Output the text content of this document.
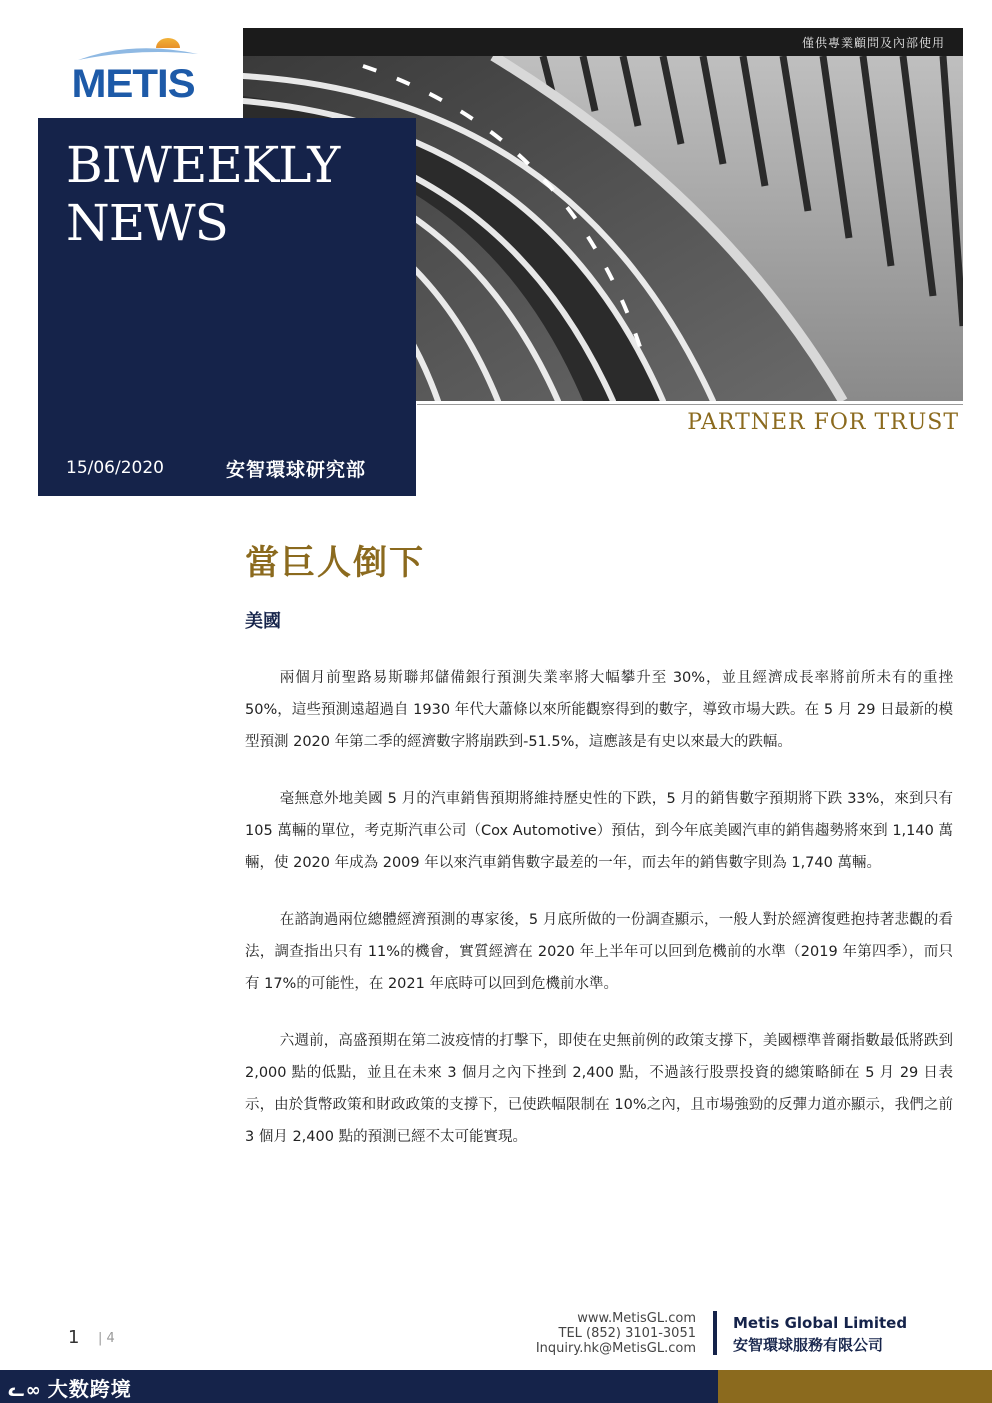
METIS
僅供專業顧問及內部使用
BIWEEKLY
NEWS
15/06/2020	安智環球研究部
PARTNER FOR TRUST
當巨人倒下
美國

兩個月前聖路易斯聯邦儲備銀行預測失業率將大幅攀升至 30%，並且經濟成長率將前所未有的重挫 50%，這些預測遠超過自 1930 年代大蕭條以來所能觀察得到的數字，導致市場大跌。在 5 月 29 日最新的模型預測 2020 年第二季的經濟數字將崩跌到-51.5%，這應該是有史以來最大的跌幅。

毫無意外地美國 5 月的汽車銷售預期將維持歷史性的下跌，5 月的銷售數字預期將下跌 33%，來到只有 105 萬輛的單位，考克斯汽車公司（Cox Automotive）預估，到今年底美國汽車的銷售趨勢將來到 1,140 萬輛，使 2020 年成為 2009 年以來汽車銷售數字最差的一年，而去年的銷售數字則為 1,740 萬輛。

在諮詢過兩位總體經濟預測的專家後，5 月底所做的一份調查顯示，一般人對於經濟復甦抱持著悲觀的看法，調查指出只有 11%的機會，實質經濟在 2020 年上半年可以回到危機前的水準（2019 年第四季），而只有 17%的可能性，在 2021 年底時可以回到危機前水準。

六週前，高盛預期在第二波疫情的打擊下，即使在史無前例的政策支撐下，美國標準普爾指數最低將跌到 2,000 點的低點，並且在未來 3 個月之內下挫到 2,400 點，不過該行股票投資的總策略師在 5 月 29 日表示，由於貨幣政策和財政政策的支撐下，已使跌幅限制在 10%之內，且市場強勁的反彈力道亦顯示，我們之前 3 個月 2,400 點的預測已經不太可能實現。

1 | 4
www.MetisGL.com
TEL (852) 3101-3051
Inquiry.hk@MetisGL.com
Metis Global Limited
安智環球服務有限公司
ᓚ∞ 大数跨境
